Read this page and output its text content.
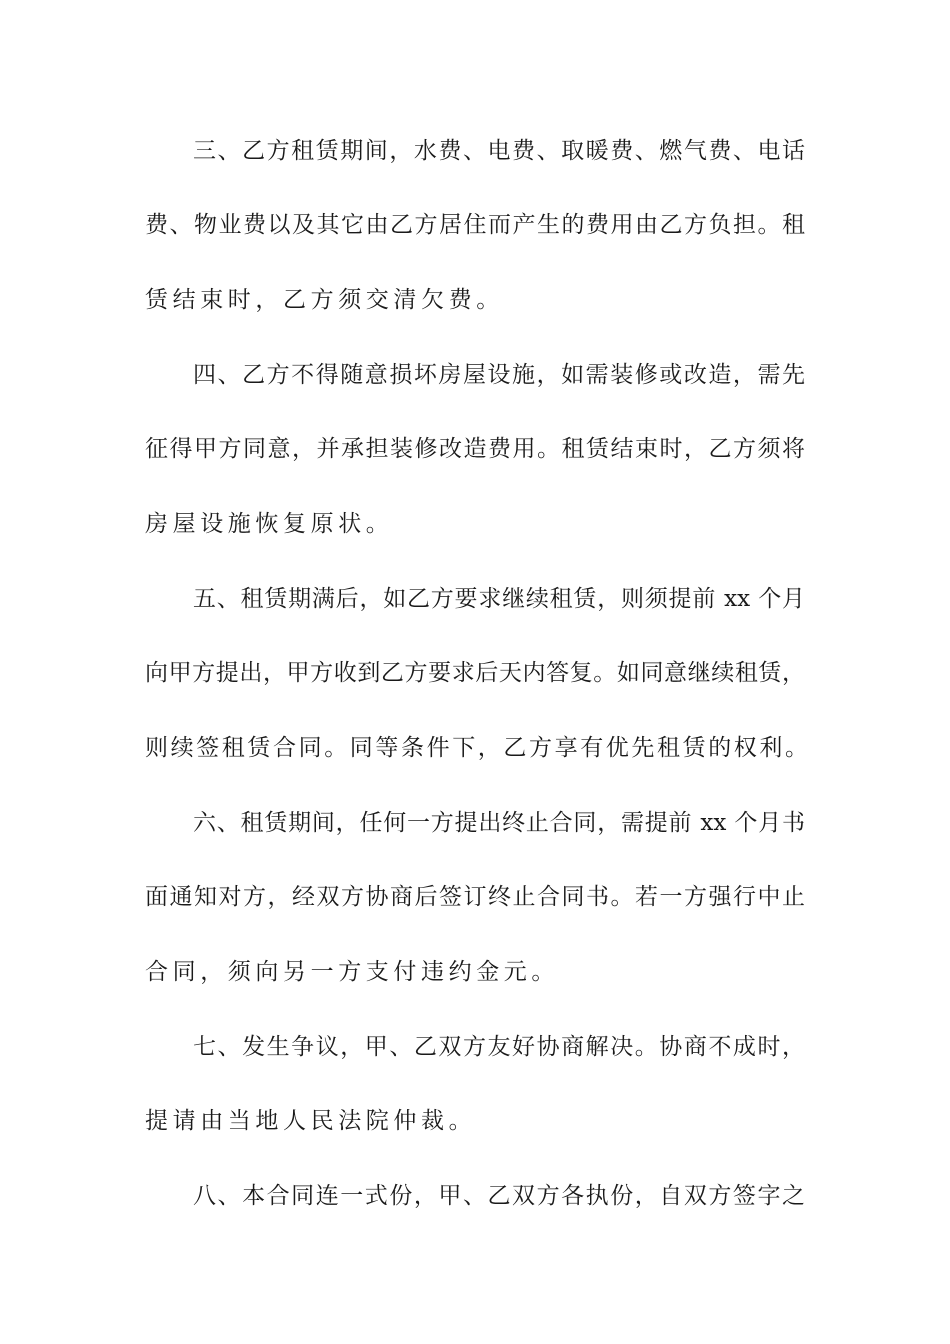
三、乙方租赁期间，水费、电费、取暖费、燃气费、电话
费、物业费以及其它由乙方居住而产生的费用由乙方负担。租
赁结束时，乙方须交清欠费。
四、乙方不得随意损坏房屋设施，如需装修或改造，需先
征得甲方同意，并承担装修改造费用。租赁结束时，乙方须将
房屋设施恢复原状。
五、租赁期满后，如乙方要求继续租赁，则须提前 xx 个月
向甲方提出，甲方收到乙方要求后天内答复。如同意继续租赁，
则续签租赁合同。同等条件下，乙方享有优先租赁的权利。
六、租赁期间，任何一方提出终止合同，需提前 xx 个月书
面通知对方，经双方协商后签订终止合同书。若一方强行中止
合同，须向另一方支付违约金元。
七、发生争议，甲、乙双方友好协商解决。协商不成时，
提请由当地人民法院仲裁。
八、本合同连一式份，甲、乙双方各执份，自双方签字之
